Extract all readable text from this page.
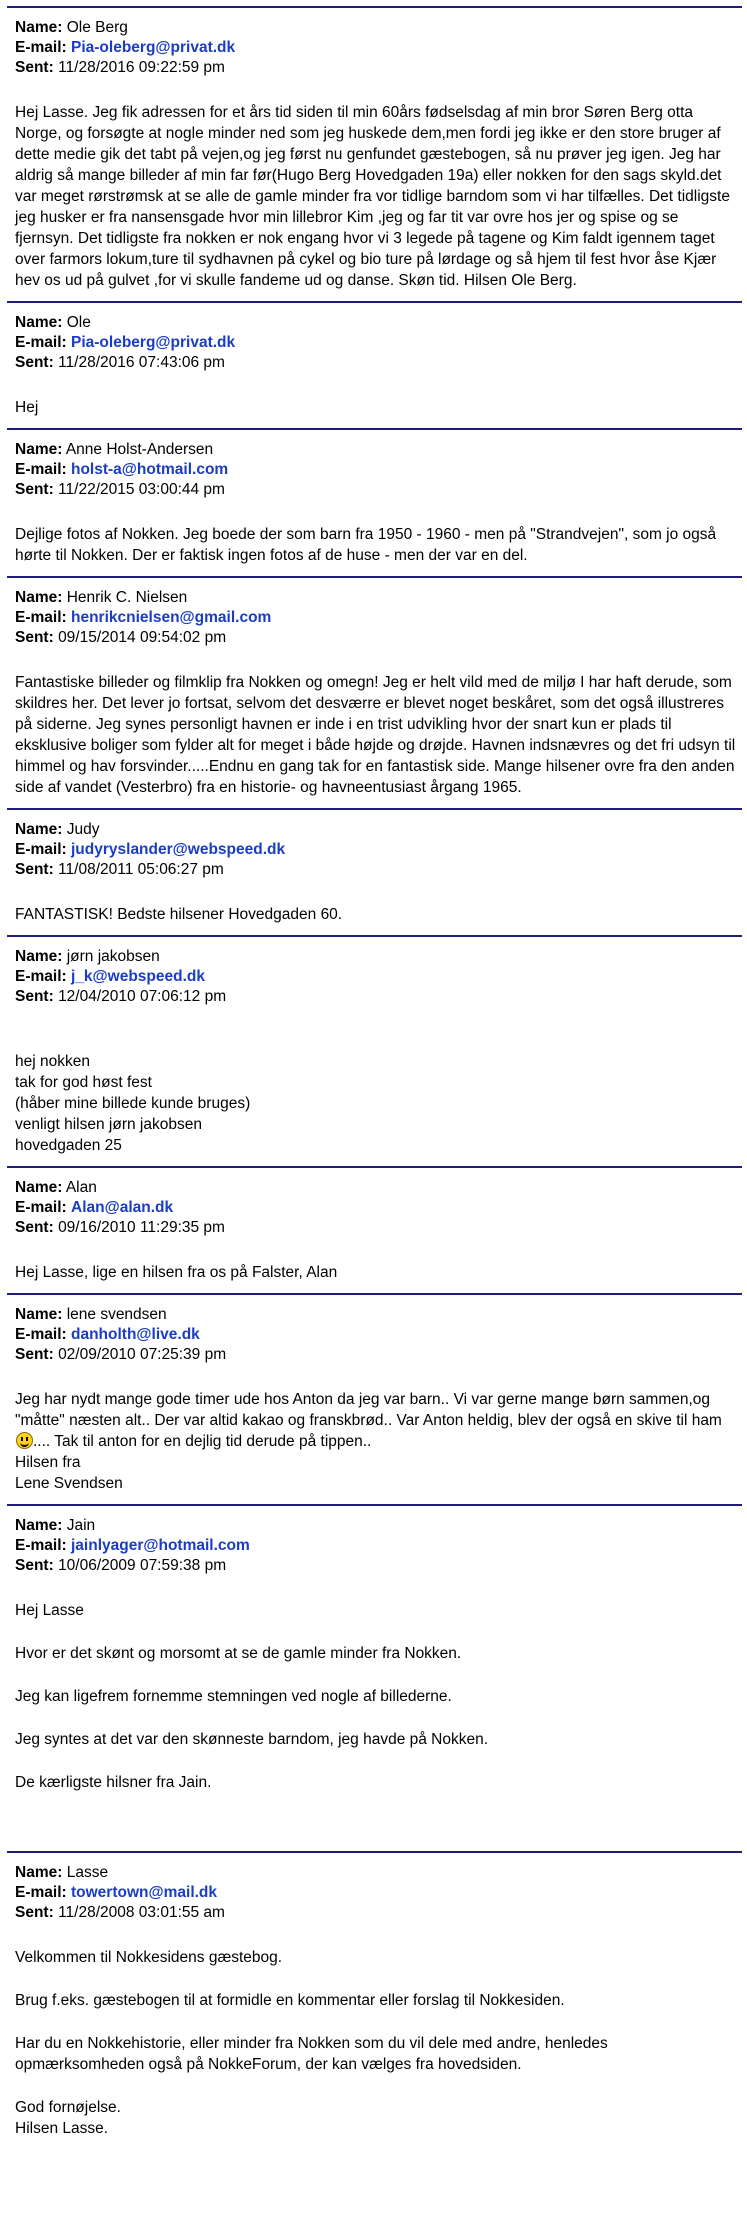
Name: Ole Berg
E-mail: Pia-oleberg@privat.dk
Sent: 11/28/2016 09:22:59 pm

Hej Lasse. Jeg fik adressen for et års tid siden til min 60års fødselsdag af min bror Søren Berg otta Norge, og forsøgte at nogle minder ned som jeg huskede dem,men fordi jeg ikke er den store bruger af dette medie gik det tabt på vejen,og jeg først nu genfundet gæstebogen, så nu prøver jeg igen. Jeg har aldrig så mange billeder af min far før(Hugo Berg Hovedgaden 19a) eller nokken for den sags skyld.det var meget rørstrømsk at se alle de gamle minder fra vor tidlige barndom som vi har tilfælles. Det tidligste jeg husker er fra nansensgade hvor min lillebror Kim ,jeg og far tit var ovre hos jer og spise og se fjernsyn. Det tidligste fra nokken er nok engang hvor vi 3 legede på tagene og Kim faldt igennem taget over farmors lokum,ture til sydhavnen på cykel og bio ture på lørdage og så hjem til fest hvor åse Kjær hev os ud på gulvet ,for vi skulle fandeme ud og danse. Skøn tid. Hilsen Ole Berg.

Name: Ole
E-mail: Pia-oleberg@privat.dk
Sent: 11/28/2016 07:43:06 pm

Hej

Name: Anne Holst-Andersen
E-mail: holst-a@hotmail.com
Sent: 11/22/2015 03:00:44 pm

Dejlige fotos af Nokken. Jeg boede der som barn fra 1950 - 1960 - men på "Strandvejen", som jo også hørte til Nokken. Der er faktisk ingen fotos af de huse - men der var en del.

Name: Henrik C. Nielsen
E-mail: henrikcnielsen@gmail.com
Sent: 09/15/2014 09:54:02 pm

Fantastiske billeder og filmklip fra Nokken og omegn! Jeg er helt vild med de miljø I har haft derude, som skildres her. Det lever jo fortsat, selvom det desværre er blevet noget beskåret, som det også illustreres på siderne. Jeg synes personligt havnen er inde i en trist udvikling hvor der snart kun er plads til eksklusive boliger som fylder alt for meget i både højde og drøjde. Havnen indsnævres og det fri udsyn til himmel og hav forsvinder.....Endnu en gang tak for en fantastisk side. Mange hilsener ovre fra den anden side af vandet (Vesterbro) fra en historie- og havneentusiast årgang 1965.

Name: Judy
E-mail: judyryslander@webspeed.dk
Sent: 11/08/2011 05:06:27 pm

FANTASTISK! Bedste hilsener Hovedgaden 60.

Name: jørn jakobsen
E-mail: j_k@webspeed.dk
Sent: 12/04/2010 07:06:12 pm
hej nokken
tak for god høst fest
(håber mine billede kunde bruges)
venligt hilsen jørn jakobsen
hovedgaden 25
Name: Alan
E-mail: Alan@alan.dk
Sent: 09/16/2010 11:29:35 pm

Hej Lasse, lige en hilsen fra os på Falster, Alan

Name: lene svendsen
E-mail: danholth@live.dk
Sent: 02/09/2010 07:25:39 pm
Jeg har nydt mange gode timer ude hos Anton da jeg var barn.. Vi var gerne mange børn sammen,og "måtte" næsten alt.. Der var altid kakao og franskbrød.. Var Anton heldig, blev der også en skive til ham .... Tak til anton for en dejlig tid derude på tippen..
Hilsen fra
Lene Svendsen
Name: Jain
E-mail: jainlyager@hotmail.com
Sent: 10/06/2009 07:59:38 pm

Hej Lasse

Hvor er det skønt og morsomt at se de gamle minder fra Nokken.

Jeg kan ligefrem fornemme stemningen ved nogle af billederne.

Jeg syntes at det var den skønneste barndom, jeg havde på Nokken.

De kærligste hilsner fra Jain.

Name: Lasse
E-mail: towertown@mail.dk
Sent: 11/28/2008 03:01:55 am

Velkommen til Nokkesidens gæstebog.

Brug f.eks. gæstebogen til at formidle en kommentar eller forslag til Nokkesiden.

Har du en Nokkehistorie, eller minder fra Nokken som du vil dele med andre, henledes opmærksomheden også på NokkeForum, der kan vælges fra hovedsiden.

God fornøjelse.
Hilsen Lasse.
